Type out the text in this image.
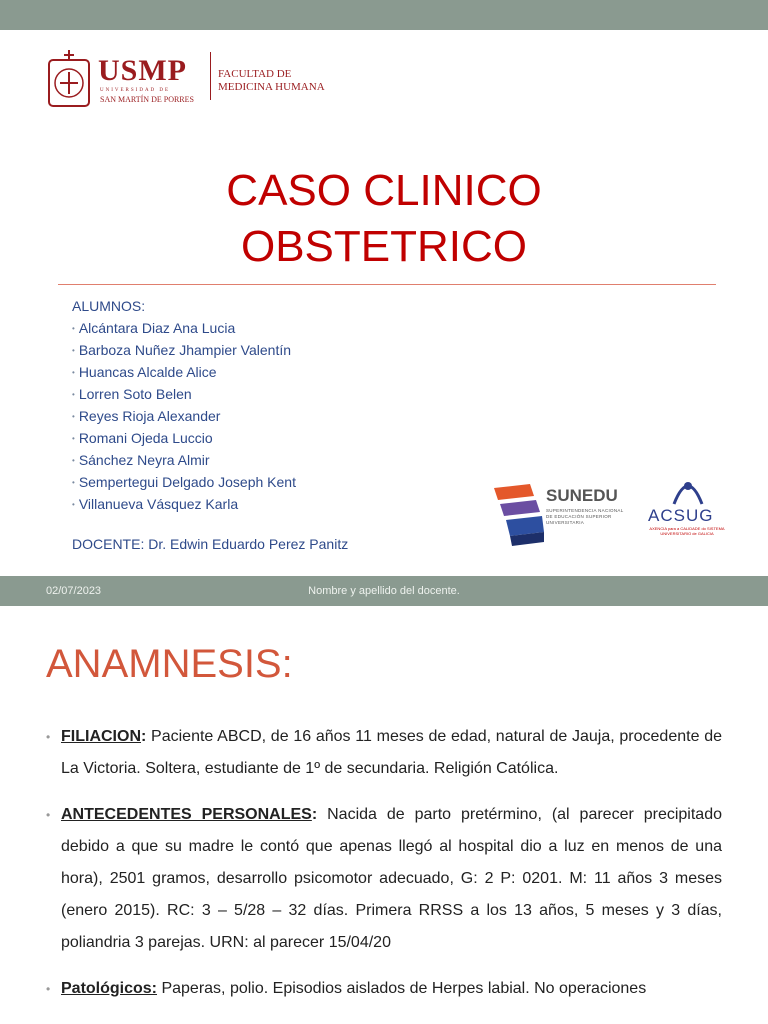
USMP
UNIVERSIDAD DE
SAN MARTÍN DE PORRES
FACULTAD DE
MEDICINA HUMANA
CASO CLINICO
OBSTETRICO
ALUMNOS:
• Alcántara Diaz Ana Lucia
• Barboza Nuñez Jhampier Valentín
• Huancas Alcalde Alice
• Lorren Soto Belen
• Reyes Rioja Alexander
• Romani Ojeda Luccio
• Sánchez Neyra Almir
• Sempertegui Delgado Joseph Kent
• Villanueva Vásquez Karla
DOCENTE: Dr. Edwin Eduardo Perez Panitz
SUNEDU
SUPERINTENDENCIA NACIONAL DE EDUCACIÓN SUPERIOR UNIVERSITARIA	ACSUG
AXENCIA para a CALIDADE do SISTEMA UNIVERSITARIO de GALICIA
02/07/2023	Nombre y apellido del docente.
ANAMNESIS:
• FILIACION: Paciente ABCD, de 16 años 11 meses de edad, natural de Jauja, procedente de La Victoria. Soltera, estudiante de 1º de secundaria. Religión Católica.
• ANTECEDENTES PERSONALES: Nacida de parto pretérmino, (al parecer precipitado debido a que su madre le contó que apenas llegó al hospital dio a luz en menos de una hora), 2501 gramos, desarrollo psicomotor adecuado, G: 2 P: 0201. M: 11 años 3 meses (enero 2015). RC: 3 – 5/28 – 32 días. Primera RRSS a los 13 años, 5 meses y 3 días, poliandria 3 parejas. URN: al parecer 15/04/20
• Patológicos: Paperas, polio. Episodios aislados de Herpes labial. No operaciones
